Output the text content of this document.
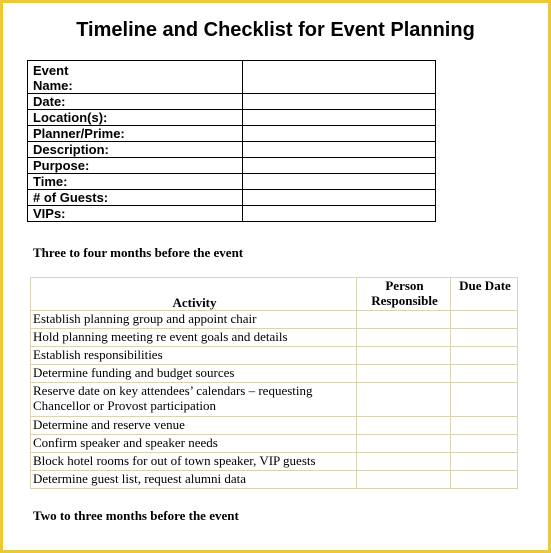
Timeline and Checklist for Event Planning
Event Name:	
Date:	
Location(s):	
Planner/Prime:	
Description:	
Purpose:	
Time:	
# of Guests:	
VIPs:	
Three to four months before the event
Activity	Person Responsible	Due Date
Establish planning group and appoint chair		
Hold planning meeting re event goals and details		
Establish responsibilities		
Determine funding and budget sources		
Reserve date on key attendees’ calendars – requesting Chancellor or Provost participation		
Determine and reserve venue		
Confirm speaker and speaker needs		
Block hotel rooms for out of town speaker, VIP guests		
Determine guest list, request alumni data		
Two to three months before the event
